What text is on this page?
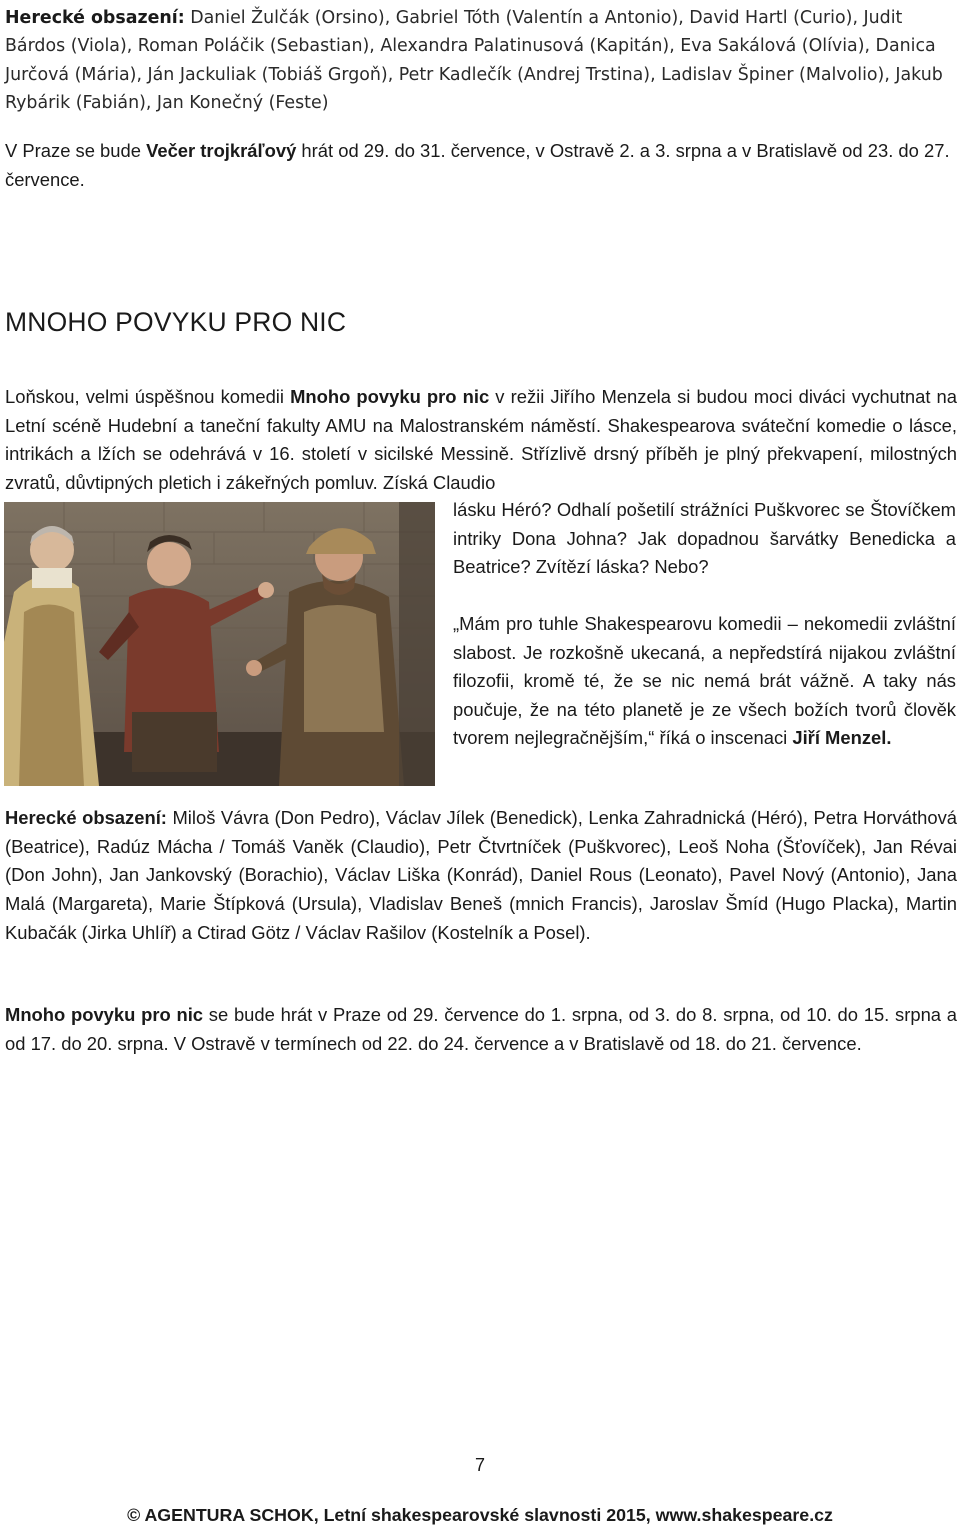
Herecké obsazení: Daniel Žulčák (Orsino), Gabriel Tóth (Valentín a Antonio), David Hartl (Curio), Judit Bárdos (Viola), Roman Poláčik (Sebastian), Alexandra Palatinusová (Kapitán), Eva Sakálová (Olívia), Danica Jurčová (Mária), Ján Jackuliak (Tobiáš Grgoň), Petr Kadlečík (Andrej Trstina), Ladislav Špiner (Malvolio), Jakub Rybárik (Fabián), Jan Konečný (Feste)

V Praze se bude Večer trojkráľový hrát od 29. do 31. července, v Ostravě 2. a 3. srpna a v Bratislavě od 23. do 27. července.

MNOHO POVYKU PRO NIC

Loňskou, velmi úspěšnou komedii Mnoho povyku pro nic v režii Jiřího Menzela si budou moci diváci vychutnat na Letní scéně Hudební a taneční fakulty AMU na Malostranském náměstí. Shakespearova sváteční komedie o lásce, intrikách a lžích se odehrává v 16. století v sicilské Messině. Střízlivě drsný příběh je plný překvapení, milostných zvratů, důvtipných pletich i zákeřných pomluv. Získá Claudio

lásku Héró? Odhalí pošetilí strážníci Puškvorec se Štovíčkem intriky Dona Johna? Jak dopadnou šarvátky Benedicka a Beatrice? Zvítězí láska? Nebo?

„Mám pro tuhle Shakespearovu komedii – nekomedii zvláštní slabost. Je rozkošně ukecaná, a nepředstírá nijakou zvláštní filozofii, kromě té, že se nic nemá brát vážně. A taky nás poučuje, že na této planetě je ze všech božích tvorů člověk tvorem nejlegračnějším,“ říká o inscenaci Jiří Menzel.

Herecké obsazení: Miloš Vávra (Don Pedro), Václav Jílek (Benedick), Lenka Zahradnická (Héró), Petra Horváthová (Beatrice), Radúz Mácha / Tomáš Vaněk (Claudio), Petr Čtvrtníček (Puškvorec), Leoš Noha (Šťovíček), Jan Révai (Don John), Jan Jankovský (Borachio), Václav Liška (Konrád), Daniel Rous (Leonato), Pavel Nový (Antonio), Jana Malá (Margareta), Marie Štípková (Ursula), Vladislav Beneš (mnich Francis), Jaroslav Šmíd (Hugo Placka), Martin Kubačák (Jirka Uhlíř) a Ctirad Götz / Václav Rašilov (Kostelník a Posel).

Mnoho povyku pro nic se bude hrát v Praze od 29. července do 1. srpna, od 3. do 8. srpna, od 10. do 15. srpna a od 17. do 20. srpna. V Ostravě v termínech od 22. do 24. července a v Bratislavě od 18. do 21. července.

7
© AGENTURA SCHOK, Letní shakespearovské slavnosti 2015, www.shakespeare.cz
